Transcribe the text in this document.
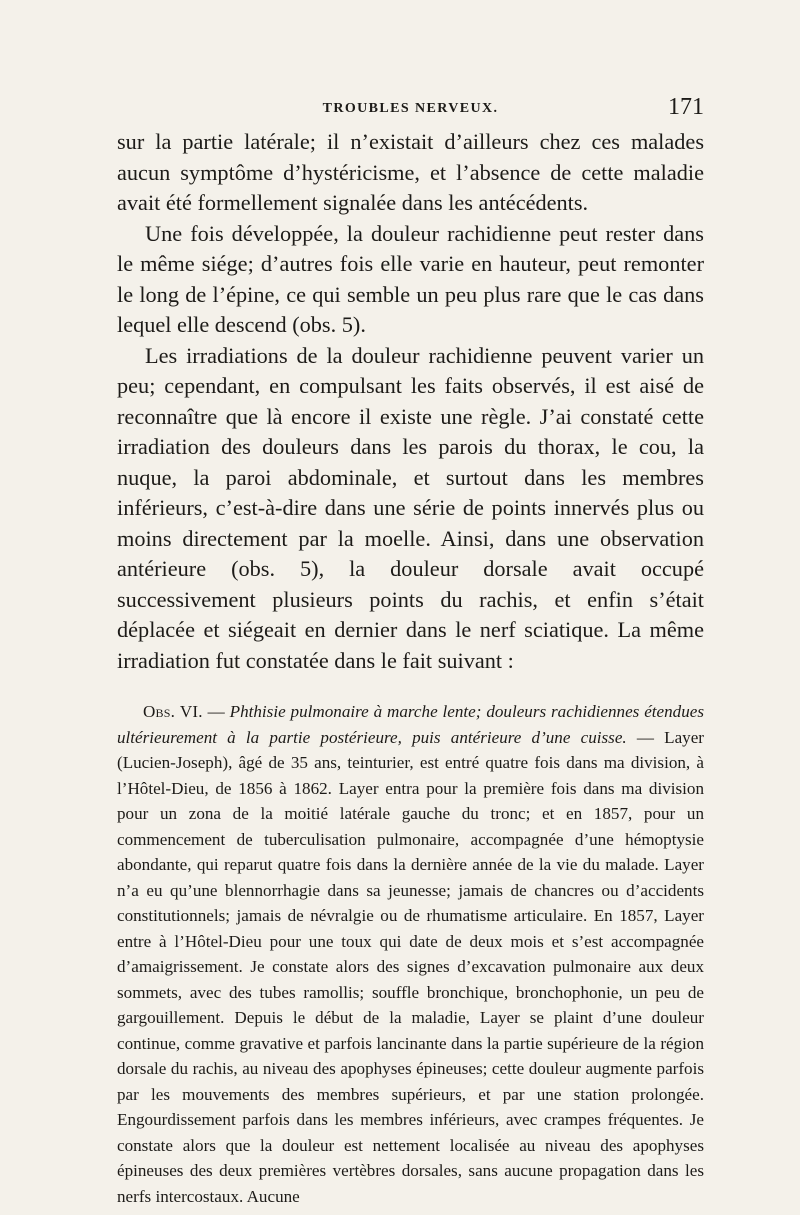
TROUBLES NERVEUX.	171

sur la partie latérale; il n’existait d’ailleurs chez ces malades aucun symptôme d’hystéricisme, et l’absence de cette maladie avait été formellement signalée dans les antécédents.

Une fois développée, la douleur rachidienne peut rester dans le même siége; d’autres fois elle varie en hauteur, peut remonter le long de l’épine, ce qui semble un peu plus rare que le cas dans lequel elle descend (obs. 5).

Les irradiations de la douleur rachidienne peuvent varier un peu; cependant, en compulsant les faits observés, il est aisé de reconnaître que là encore il existe une règle. J’ai constaté cette irradiation des douleurs dans les parois du thorax, le cou, la nuque, la paroi abdominale, et surtout dans les membres inférieurs, c’est-à-dire dans une série de points innervés plus ou moins directement par la moelle. Ainsi, dans une observation antérieure (obs. 5), la douleur dorsale avait occupé successivement plusieurs points du rachis, et enfin s’était déplacée et siégeait en dernier dans le nerf sciatique. La même irradiation fut constatée dans le fait suivant :

Obs. VI. — Phthisie pulmonaire à marche lente; douleurs rachidiennes étendues ultérieurement à la partie postérieure, puis antérieure d’une cuisse. — Layer (Lucien-Joseph), âgé de 35 ans, teinturier, est entré quatre fois dans ma division, à l’Hôtel-Dieu, de 1856 à 1862. Layer entra pour la première fois dans ma division pour un zona de la moitié latérale gauche du tronc; et en 1857, pour un commencement de tuberculisation pulmonaire, accompagnée d’une hémoptysie abondante, qui reparut quatre fois dans la dernière année de la vie du malade. Layer n’a eu qu’une blennorrhagie dans sa jeunesse; jamais de chancres ou d’accidents constitutionnels; jamais de névralgie ou de rhumatisme articulaire. En 1857, Layer entre à l’Hôtel-Dieu pour une toux qui date de deux mois et s’est accompagnée d’amaigrissement. Je constate alors des signes d’excavation pulmonaire aux deux sommets, avec des tubes ramollis; souffle bronchique, bronchophonie, un peu de gargouillement. Depuis le début de la maladie, Layer se plaint d’une douleur continue, comme gravative et parfois lancinante dans la partie supérieure de la région dorsale du rachis, au niveau des apophyses épineuses; cette douleur augmente parfois par les mouvements des membres supérieurs, et par une station prolongée. Engourdissement parfois dans les membres inférieurs, avec crampes fréquentes. Je constate alors que la douleur est nettement localisée au niveau des apophyses épineuses des deux premières vertèbres dorsales, sans aucune propagation dans les nerfs intercostaux. Aucune
